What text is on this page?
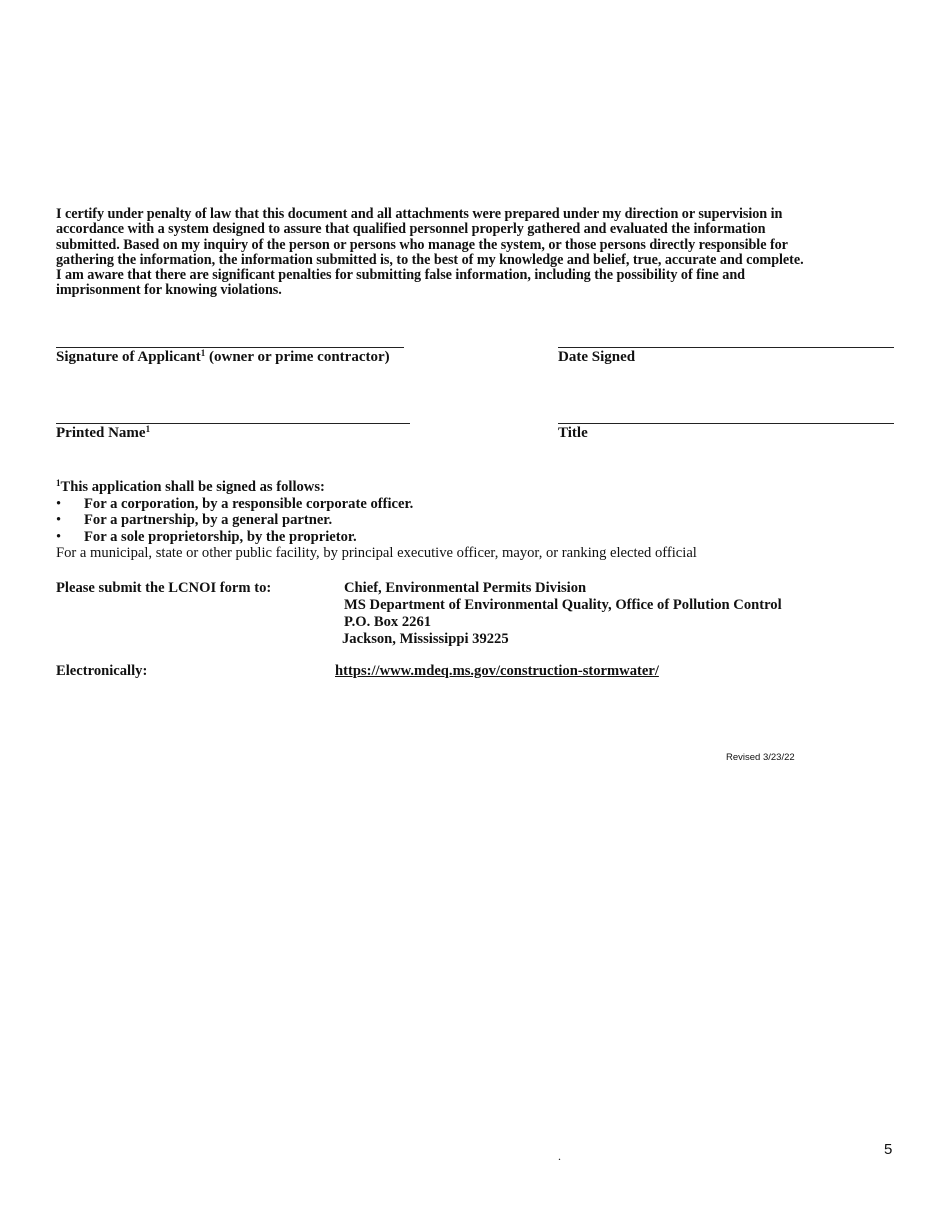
I certify under penalty of law that this document and all attachments were prepared under my direction or supervision in
accordance with a system designed to assure that qualified personnel properly gathered and evaluated the information
submitted. Based on my inquiry of the person or persons who manage the system, or those persons directly responsible for
gathering the information, the information submitted is, to the best of my knowledge and belief, true, accurate and complete.
I am aware that there are significant penalties for submitting false information, including the possibility of fine and
imprisonment for knowing violations.
Signature of Applicant$^1$ (owner or prime contractor)	Date Signed
Printed Name$^1$	Title
$^1$This application shall be signed as follows:
•	For a corporation, by a responsible corporate officer.
•	For a partnership, by a general partner.
•	For a sole proprietorship, by the proprietor.
For a municipal, state or other public facility, by principal executive officer, mayor, or ranking elected official
Please submit the LCNOI form to:	Chief, Environmental Permits Division
MS Department of Environmental Quality, Office of Pollution Control
P.O. Box 2261
Jackson, Mississippi 39225
Electronically:	https://www.mdeq.ms.gov/construction-stormwater/
Revised 3/23/22
.	5
